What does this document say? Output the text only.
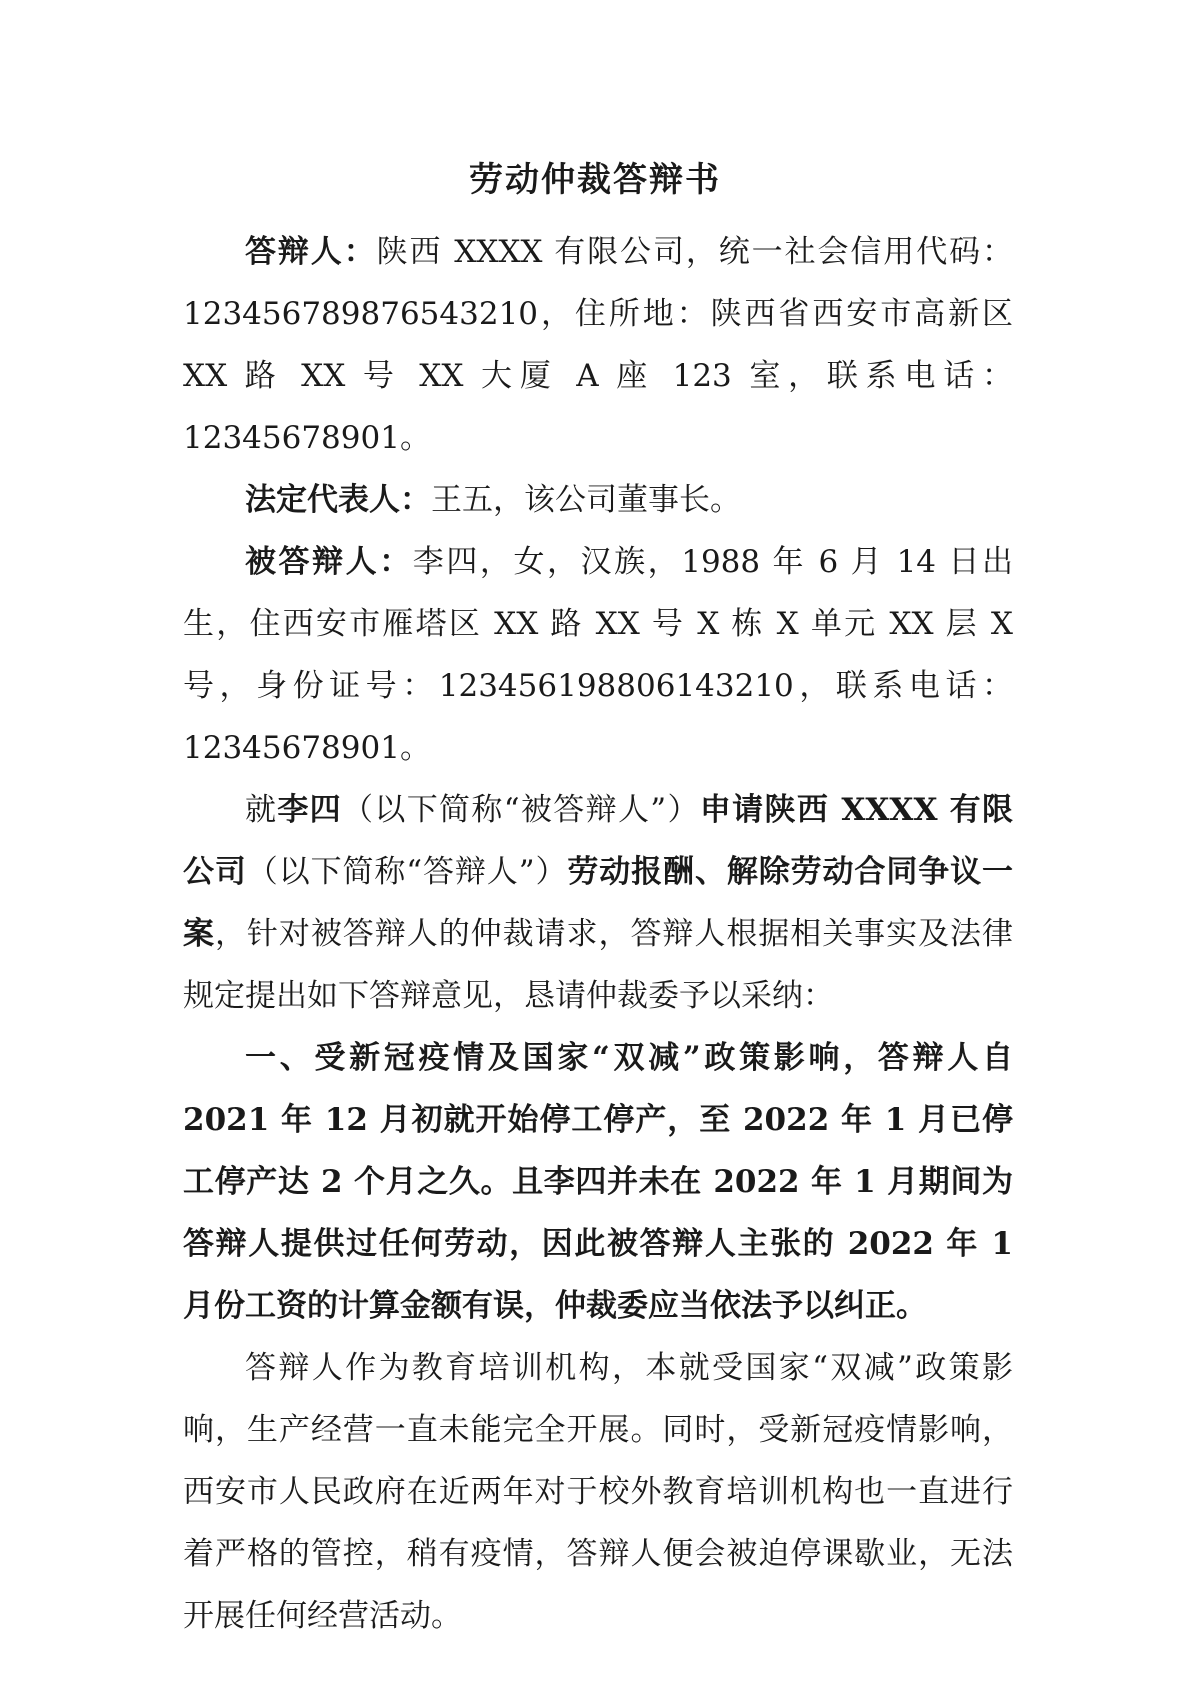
劳动仲裁答辩书

答辩人：陕西 XXXX 有限公司，统一社会信用代码：123456789876543210，住所地：陕西省西安市高新区 XX 路 XX 号 XX 大厦 A 座 123 室，联系电话：12345678901。

法定代表人：王五，该公司董事长。

被答辩人：李四，女，汉族，1988 年 6 月 14 日出生，住西安市雁塔区 XX 路 XX 号 X 栋 X 单元 XX 层 X 号，身份证号：123456198806143210，联系电话：12345678901。

就李四（以下简称“被答辩人”）申请陕西 XXXX 有限公司（以下简称“答辩人”）劳动报酬、解除劳动合同争议一案，针对被答辩人的仲裁请求，答辩人根据相关事实及法律规定提出如下答辩意见，恳请仲裁委予以采纳：

一、受新冠疫情及国家“双减”政策影响，答辩人自 2021 年 12 月初就开始停工停产，至 2022 年 1 月已停工停产达 2 个月之久。且李四并未在 2022 年 1 月期间为答辩人提供过任何劳动，因此被答辩人主张的 2022 年 1 月份工资的计算金额有误，仲裁委应当依法予以纠正。

答辩人作为教育培训机构，本就受国家“双减”政策影响，生产经营一直未能完全开展。同时，受新冠疫情影响，西安市人民政府在近两年对于校外教育培训机构也一直进行着严格的管控，稍有疫情，答辩人便会被迫停课歇业，无法开展任何经营活动。
